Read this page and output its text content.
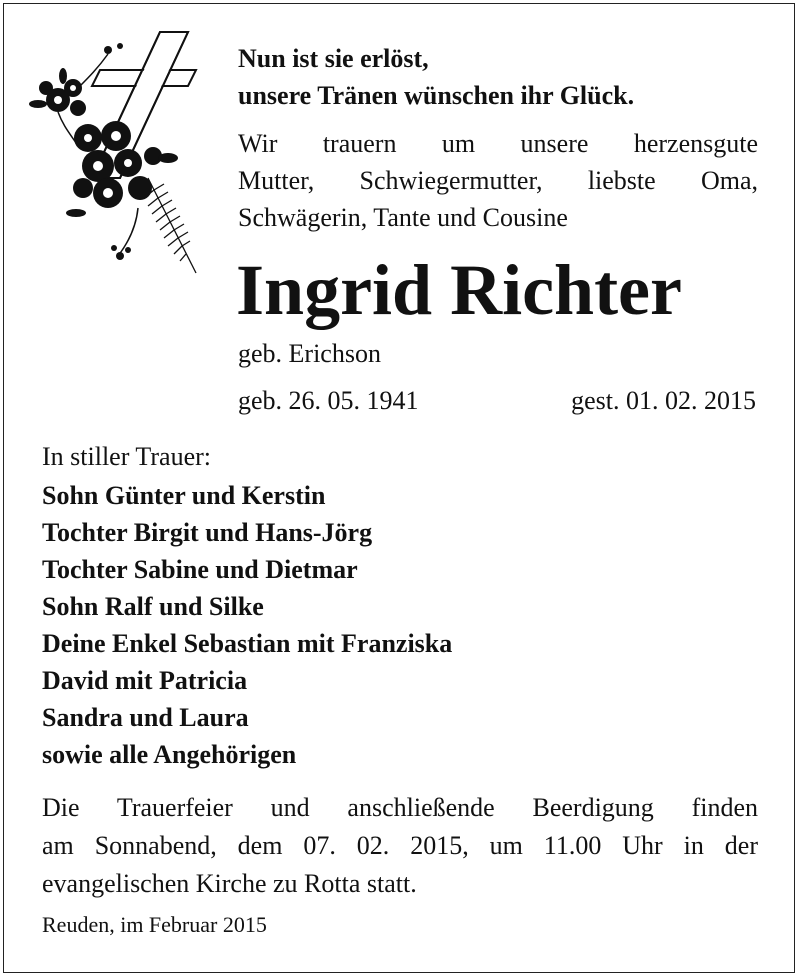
Nun ist sie erlöst,
unsere Tränen wünschen ihr Glück.
Wir trauern um unsere herzensgute
Mutter, Schwiegermutter, liebste Oma,
Schwägerin, Tante und Cousine
Ingrid Richter
geb. Erichson
geb. 26. 05. 1941	gest. 01. 02. 2015
In stiller Trauer:
Sohn Günter und Kerstin
Tochter Birgit und Hans-Jörg
Tochter Sabine und Dietmar
Sohn Ralf und Silke
Deine Enkel Sebastian mit Franziska
David mit Patricia
Sandra und Laura
sowie alle Angehörigen
Die Trauerfeier und anschließende Beerdigung finden
am Sonnabend, dem 07. 02. 2015, um 11.00 Uhr in der
evangelischen Kirche zu Rotta statt.
Reuden, im Februar 2015
